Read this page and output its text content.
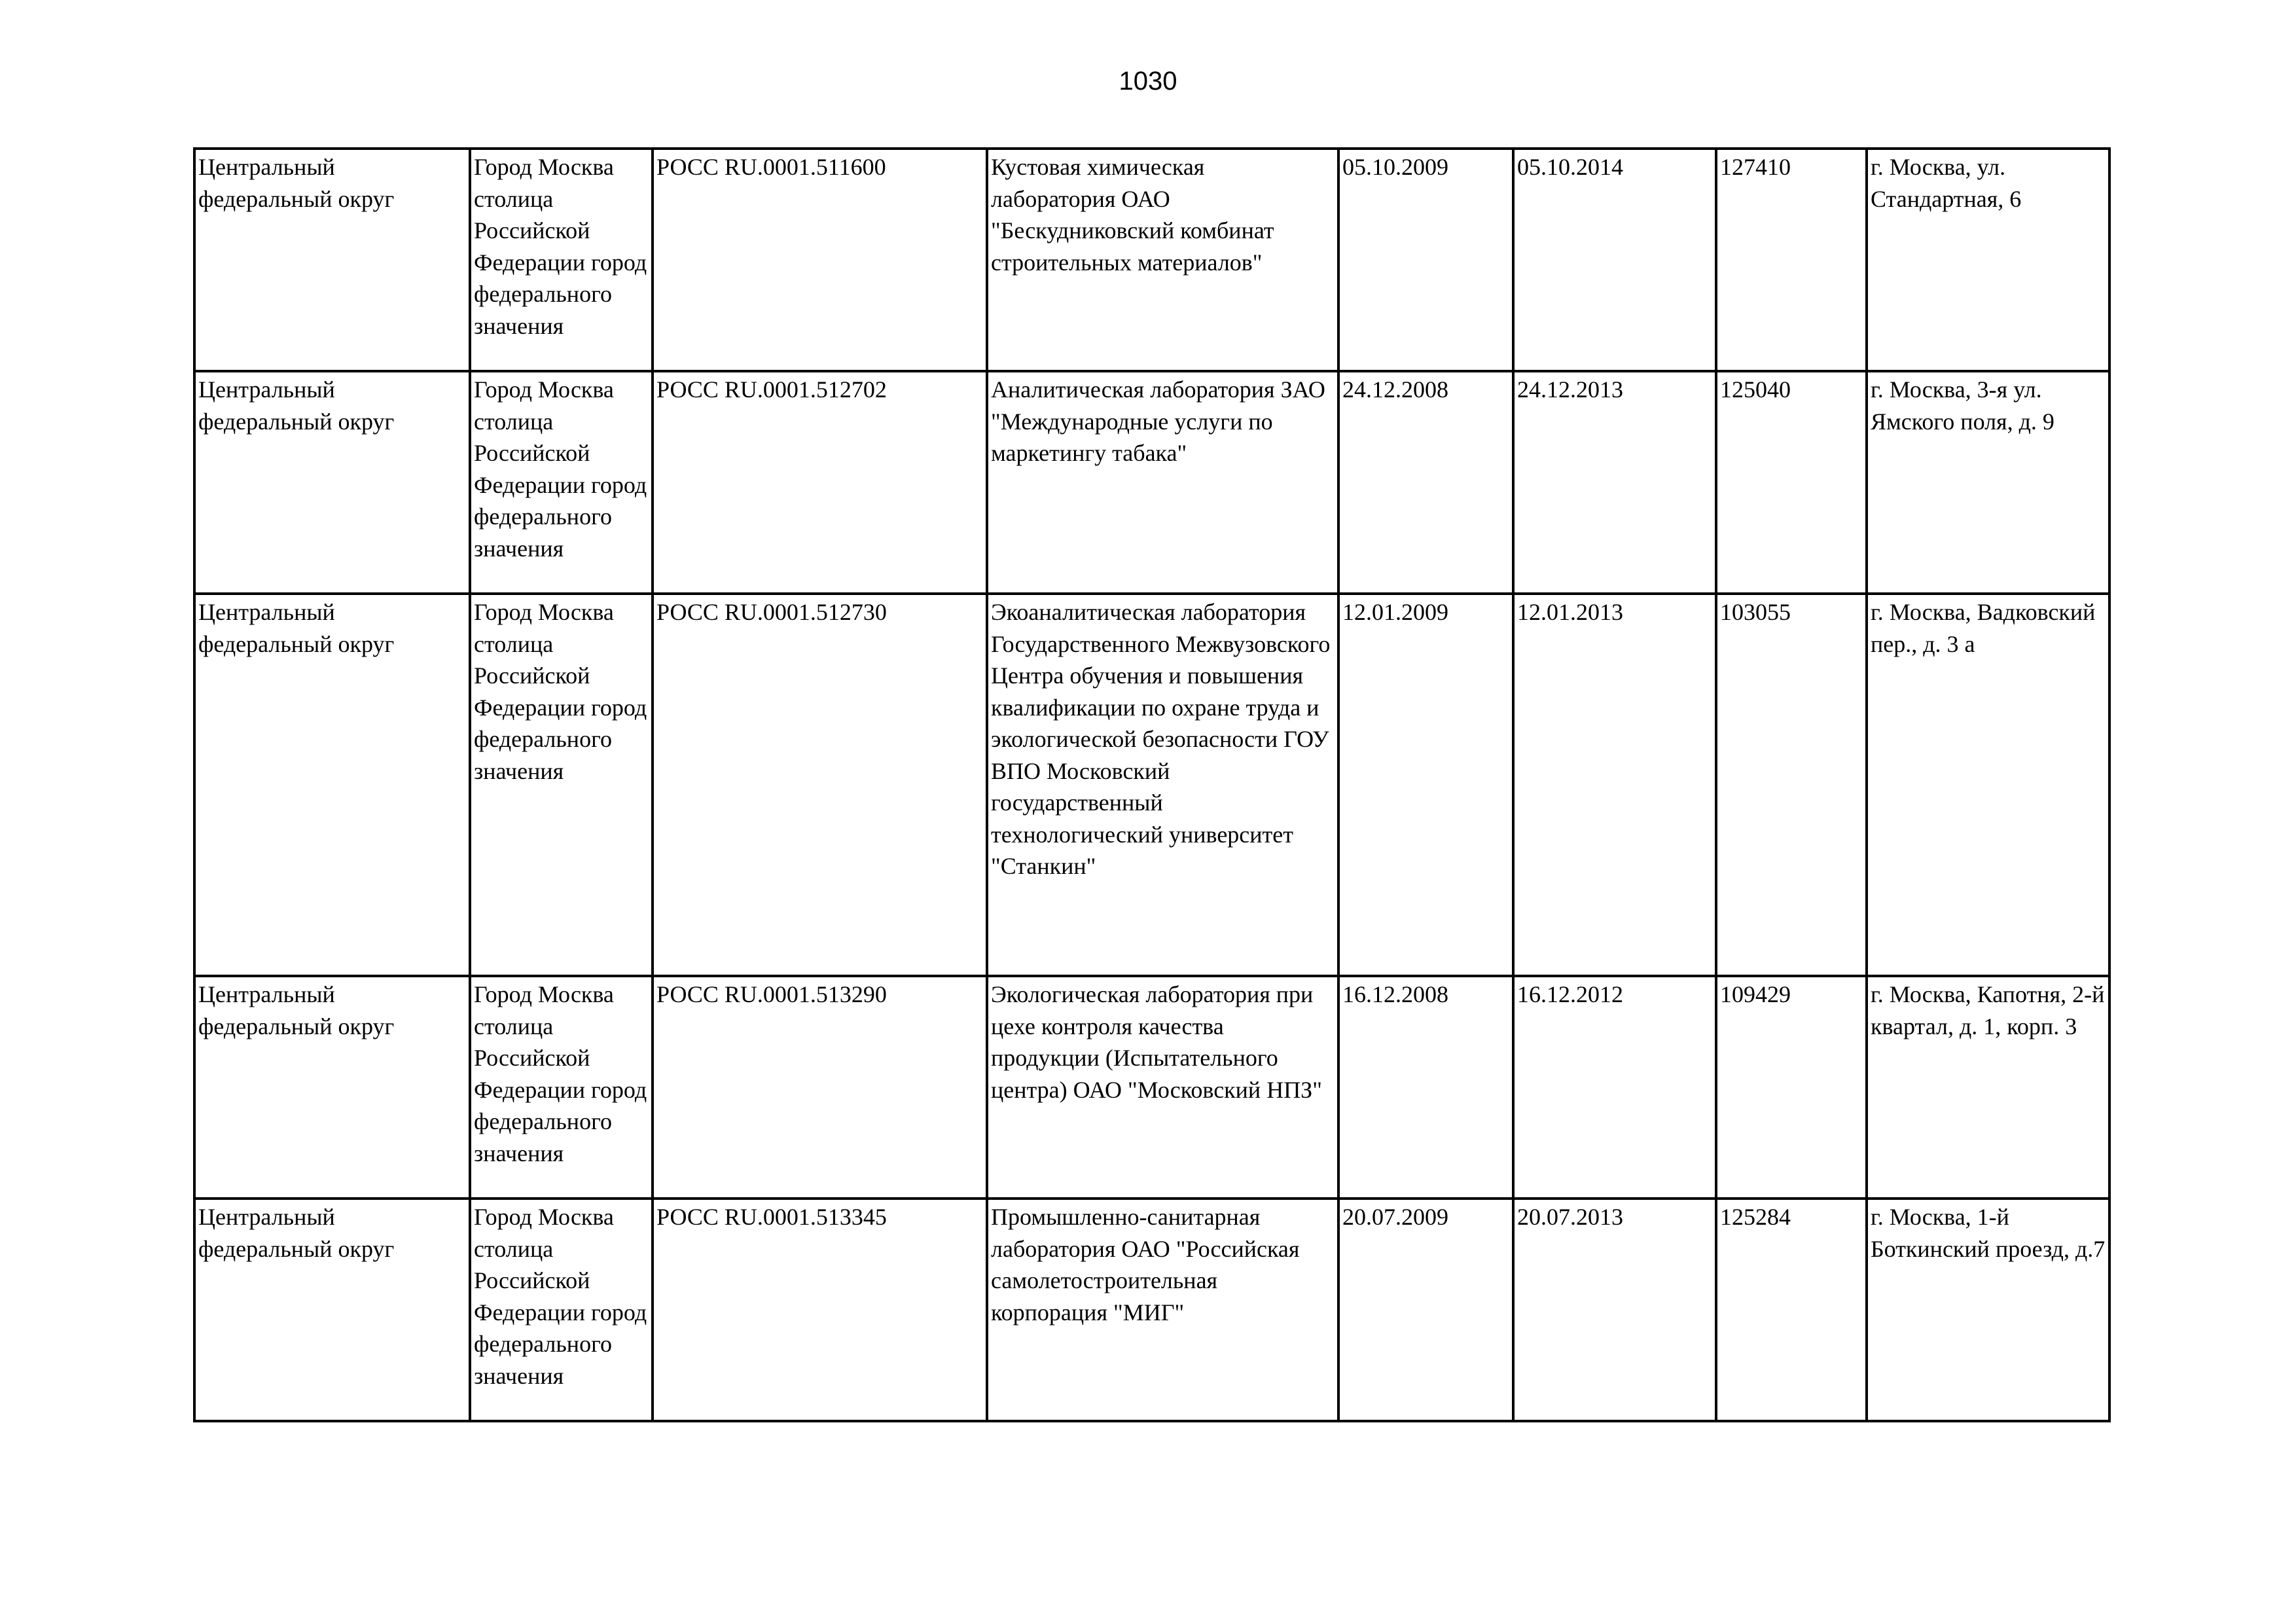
1030
Центральный федеральный округ	Город Москва столица Российской Федерации город федерального значения	РОСС RU.0001.511600	Кустовая химическая лаборатория ОАО "Бескудниковский комбинат строительных материалов"	05.10.2009	05.10.2014	127410	г. Москва, ул. Стандартная, 6
Центральный федеральный округ	Город Москва столица Российской Федерации город федерального значения	РОСС RU.0001.512702	Аналитическая лаборатория ЗАО "Международные услуги по маркетингу табака"	24.12.2008	24.12.2013	125040	г. Москва, 3-я ул. Ямского поля, д. 9
Центральный федеральный округ	Город Москва столица Российской Федерации город федерального значения	РОСС RU.0001.512730	Экоаналитическая лаборатория Государственного Межвузовского Центра обучения и повышения квалификации по охране труда и экологической безопасности ГОУ ВПО Московский государственный технологический университет "Станкин"	12.01.2009	12.01.2013	103055	г. Москва, Вадковский пер., д. 3 а
Центральный федеральный округ	Город Москва столица Российской Федерации город федерального значения	РОСС RU.0001.513290	Экологическая лаборатория при цехе контроля качества продукции (Испытательного центра) ОАО "Московский НПЗ"	16.12.2008	16.12.2012	109429	г. Москва, Капотня, 2-й квартал, д. 1, корп. 3
Центральный федеральный округ	Город Москва столица Российской Федерации город федерального значения	РОСС RU.0001.513345	Промышленно-санитарная лаборатория ОАО "Российская самолетостроительная корпорация "МИГ"	20.07.2009	20.07.2013	125284	г. Москва, 1-й Боткинский проезд, д.7
